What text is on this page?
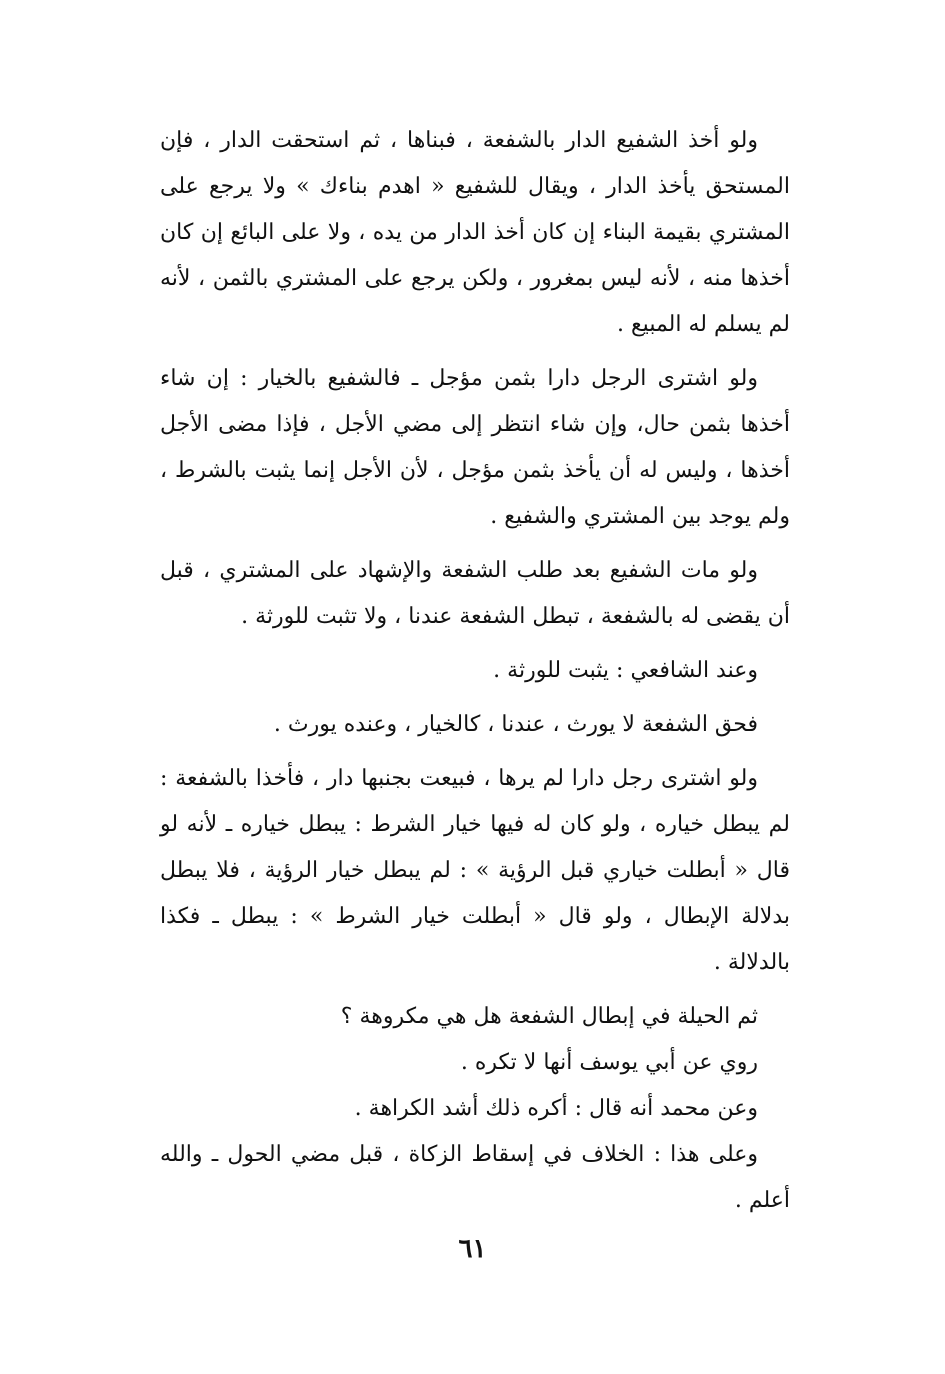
ولو أخذ الشفيع الدار بالشفعة ، فبناها ، ثم استحقت الدار ، فإن المستحق يأخذ الدار ، ويقال للشفيع « اهدم بناءك » ولا يرجع على المشتري بقيمة البناء إن كان أخذ الدار من يده ، ولا على البائع إن كان أخذها منه ، لأنه ليس بمغرور ، ولكن يرجع على المشتري بالثمن ، لأنه لم يسلم له المبيع .

ولو اشترى الرجل دارا بثمن مؤجل ـ فالشفيع بالخيار : إن شاء أخذها بثمن حال، وإن شاء انتظر إلى مضي الأجل ، فإذا مضى الأجل أخذها ، وليس له أن يأخذ بثمن مؤجل ، لأن الأجل إنما يثبت بالشرط ، ولم يوجد بين المشتري والشفيع .

ولو مات الشفيع بعد طلب الشفعة والإشهاد على المشتري ، قبل أن يقضى له بالشفعة ، تبطل الشفعة عندنا ، ولا تثبت للورثة .

وعند الشافعي : يثبت للورثة .

فحق الشفعة لا يورث ، عندنا ، كالخيار ، وعنده يورث .

ولو اشترى رجل دارا لم يرها ، فبيعت بجنبها دار ، فأخذا بالشفعة : لم يبطل خياره ، ولو كان له فيها خيار الشرط : يبطل خياره ـ لأنه لو قال « أبطلت خياري قبل الرؤية » : لم يبطل خيار الرؤية ، فلا يبطل بدلالة الإبطال ، ولو قال « أبطلت خيار الشرط » : يبطل ـ فكذا بالدلالة .

ثم الحيلة في إبطال الشفعة هل هي مكروهة ؟

روي عن أبي يوسف أنها لا تكره .

وعن محمد أنه قال : أكره ذلك أشد الكراهة .

وعلى هذا : الخلاف في إسقاط الزكاة ، قبل مضي الحول ـ والله أعلم .

٦١
